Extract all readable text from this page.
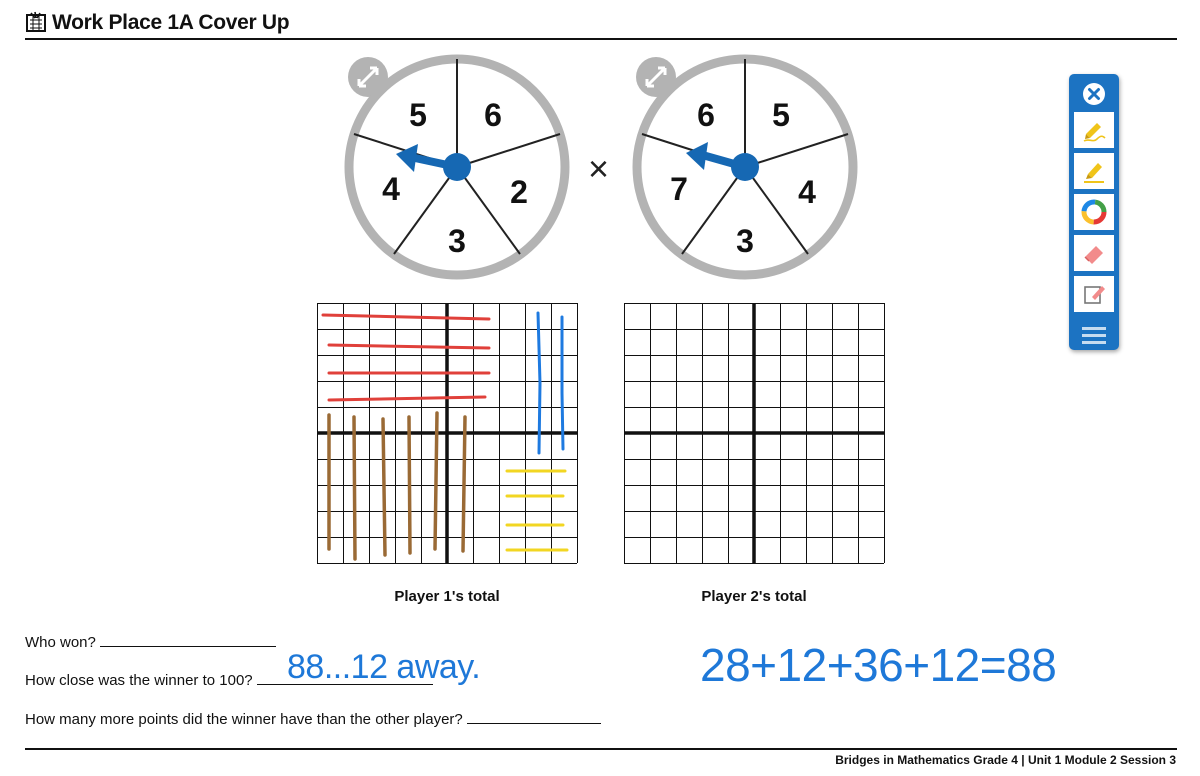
Work Place 1A Cover Up
5 6
2
3
4	×
6 5
4
3
7
Player 1's total	Player 2's total
Who won?
How close was the winner to 100?	88...12 away.
How many more points did the winner have than the other player?
28+12+36+12=88
Bridges in Mathematics Grade 4 | Unit 1 Module 2 Session 3
